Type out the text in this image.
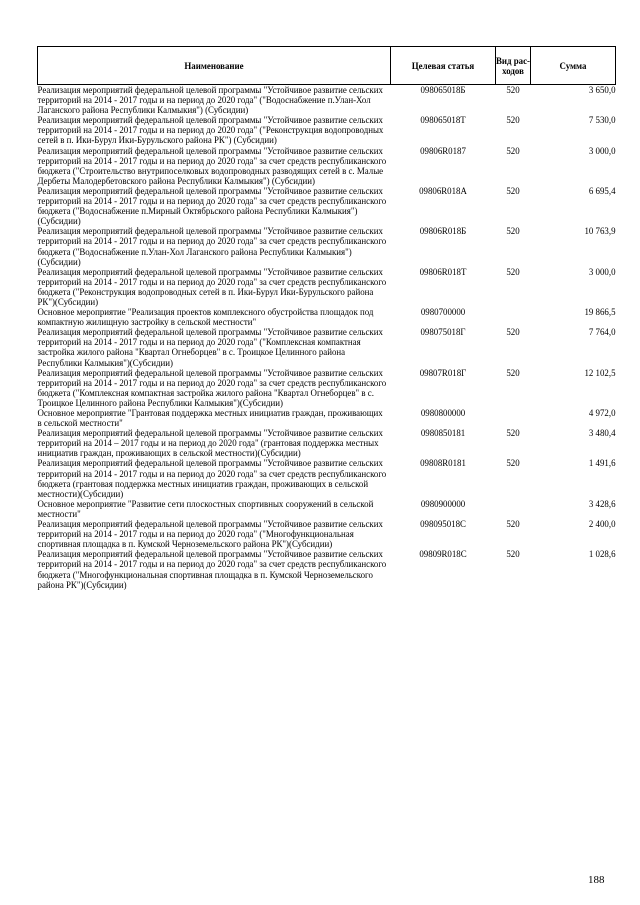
Наименование	Целевая статья	Вид рас- ходов	Сумма
Реализация мероприятий федеральной целевой программы "Устойчивое развитие сельских территорий на 2014 - 2017 годы и на период до 2020 года" ("Водоснабжение п.Улан-Хол Лаганского района Республики Калмыкия") (Субсидии)	098065018Б	520	3 650,0
Реализация мероприятий федеральной целевой программы "Устойчивое развитие сельских территорий на 2014 - 2017 годы и на период до 2020 года" ("Реконструкция водопроводных сетей в п. Ики-Бурул Ики-Бурульского района РК") (Субсидии)	098065018Т	520	7 530,0
Реализация мероприятий федеральной целевой программы "Устойчивое развитие сельских территорий на 2014 - 2017 годы и на период до 2020 года" за счет средств республиканского бюджета ("Строительство внутрипоселковых водопроводных разводящих сетей в с. Малые Дербеты Малодербетовского района Республики Калмыкия") (Субсидии)	09806R0187	520	3 000,0
Реализация мероприятий федеральной целевой программы "Устойчивое развитие сельских территорий на 2014 - 2017 годы и на период до 2020 года" за счет средств республиканского бюджета ("Водоснабжение п.Мирный Октябрьского района Республики Калмыкия")(Субсидии)	09806R018А	520	6 695,4
Реализация мероприятий федеральной целевой программы "Устойчивое развитие сельских территорий на 2014 - 2017 годы и на период до 2020 года" за счет средств республиканского бюджета ("Водоснабжение п.Улан-Хол Лаганского района Республики Калмыкия")(Субсидии)	09806R018Б	520	10 763,9
Реализация мероприятий федеральной целевой программы "Устойчивое развитие сельских территорий на 2014 - 2017 годы и на период до 2020 года" за счет средств республиканского бюджета ("Реконструкция водопроводных сетей в п. Ики-Бурул Ики-Бурульского района РК")(Субсидии)	09806R018Т	520	3 000,0
Основное мероприятие "Реализация проектов комплексного обустройства площадок под компактную жилищную застройку в сельской местности"	0980700000		19 866,5
Реализация мероприятий федеральной целевой программы "Устойчивое развитие сельских территорий на 2014 - 2017 годы и на период до 2020 года" ("Комплексная компактная застройка жилого района "Квартал Огнеборцев" в с. Троицкое Целинного района Республики Калмыкия")(Субсидии)	098075018Г	520	7 764,0
Реализация мероприятий федеральной целевой программы "Устойчивое развитие сельских территорий на 2014 - 2017 годы и на период до 2020 года" за счет средств республиканского бюджета ("Комплексная компактная застройка жилого района "Квартал Огнеборцев" в с. Троицкое Целинного района Республики Калмыкия")(Субсидии)	09807R018Г	520	12 102,5
Основное мероприятие "Грантовая поддержка местных инициатив граждан, проживающих в сельской местности"	0980800000		4 972,0
Реализация мероприятий федеральной целевой программы "Устойчивое развитие сельских территорий на 2014 – 2017 годы и на период до 2020 года" (грантовая поддержка местных инициатив граждан, проживающих в сельской местности)(Субсидии)	0980850181	520	3 480,4
Реализация мероприятий федеральной целевой программы "Устойчивое развитие сельских территорий на 2014 - 2017 годы и на период до 2020 года" за счет средств республиканского бюджета (грантовая поддержка местных инициатив граждан, проживающих в сельской местности)(Субсидии)	09808R0181	520	1 491,6
Основное мероприятие "Развитие сети плоскостных спортивных сооружений в сельской местности"	0980900000		3 428,6
Реализация мероприятий федеральной целевой программы "Устойчивое развитие сельских территорий на 2014 - 2017 годы и на период до 2020 года" ("Многофункциональная спортивная площадка в п. Кумской Черноземельского района РК")(Субсидии)	098095018С	520	2 400,0
Реализация мероприятий федеральной целевой программы "Устойчивое развитие сельских территорий на 2014 - 2017 годы и на период до 2020 года" за счет средств республиканского бюджета ("Многофункциональная спортивная площадка в п. Кумской Черноземельского района РК")(Субсидии)	09809R018С	520	1 028,6
188
